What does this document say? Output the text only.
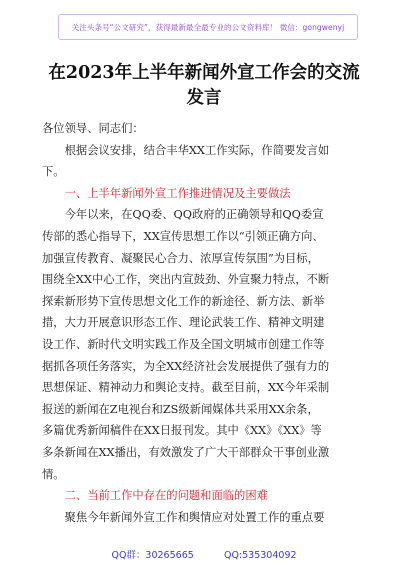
关注头条号“公文研究”，获得最新最全最专业的公文资料库！ 微信：gongwenyj
在2023年上半年新闻外宣工作会的交流
发言

各位领导、同志们：

根据会议安排，结合丰华XX工作实际，作简要发言如

下。

一、上半年新闻外宣工作推进情况及主要做法

今年以来，在QQ委、QQ政府的正确领导和QQ委宣

传部的悉心指导下，XX宣传思想工作以“引领正确方向、

加强宣传教育、凝聚民心合力、浓厚宣传氛围”为目标，

围绕全XX中心工作，突出内宣鼓劲、外宣聚力特点，不断

探索新形势下宣传思想文化工作的新途径、新方法、新举

措，大力开展意识形态工作、理论武装工作、精神文明建

设工作、新时代文明实践工作及全国文明城市创建工作等

据抓各项任务落实，为全XX经济社会发展提供了强有力的

思想保证、精神动力和舆论支持。截至目前，XX今年采制

报送的新闻在Z电视台和ZS级新闻媒体共采用XX余条，

多篇优秀新闻稿件在XX日报刊发。其中《XX》《XX》等

多条新闻在XX播出，有效激发了广大干部群众干事创业激

情。

二、当前工作中存在的问题和面临的困难

聚焦今年新闻外宣工作和舆情应对处置工作的重点要

QQ群：30265665          QQ:535304092
